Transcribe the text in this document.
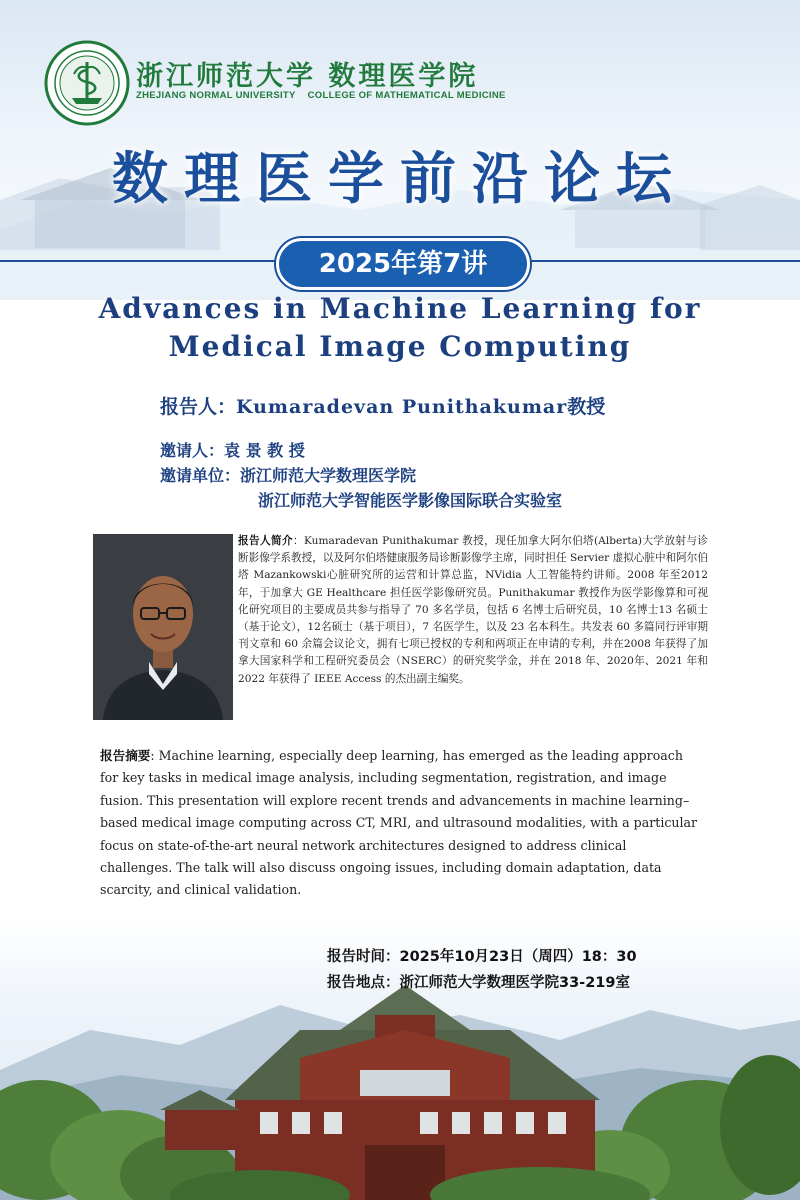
浙江师范大学 数理医学院
ZHEJIANG NORMAL UNIVERSITY COLLEGE OF MATHEMATICAL MEDICINE
数理医学前沿论坛
2025年第7讲
Advances in Machine Learning for
Medical Image Computing
报告人：Kumaradevan Punithakumar教授
邀请人：袁 景 教 授
邀请单位：浙江师范大学数理医学院
浙江师范大学智能医学影像国际联合实验室
报告人简介：Kumaradevan Punithakumar 教授，现任加拿大阿尔伯塔(Alberta)大学放射与诊断影像学系教授，以及阿尔伯塔健康服务局诊断影像学主席，同时担任 Servier 虚拟心脏中和阿尔伯塔 Mazankowski心脏研究所的运营和计算总监，NVidia 人工智能特约讲师。2008 年至2012 年，于加拿大 GE Healthcare 担任医学影像研究员。Punithakumar 教授作为医学影像算和可视化研究项目的主要成员共参与指导了 70 多名学员，包括 6 名博士后研究员，10 名博士13 名硕士（基于论文），12名硕士（基于项目），7 名医学生，以及 23 名本科生。共发表 60 多篇同行评审期刊文章和 60 余篇会议论文，拥有七项已授权的专利和两项正在申请的专利，并在2008 年获得了加拿大国家科学和工程研究委员会（NSERC）的研究奖学金，并在 2018 年、2020年、2021 年和 2022 年获得了 IEEE Access 的杰出副主编奖。
报告摘要: Machine learning, especially deep learning, has emerged as the leading approach for key tasks in medical image analysis, including segmentation, registration, and image fusion. This presentation will explore recent trends and advancements in machine learning–based medical image computing across CT, MRI, and ultrasound modalities, with a particular focus on state-of-the-art neural network architectures designed to address clinical challenges. The talk will also discuss ongoing issues, including domain adaptation, data scarcity, and clinical validation.
报告时间：2025年10月23日（周四）18：30
报告地点：浙江师范大学数理医学院33-219室
